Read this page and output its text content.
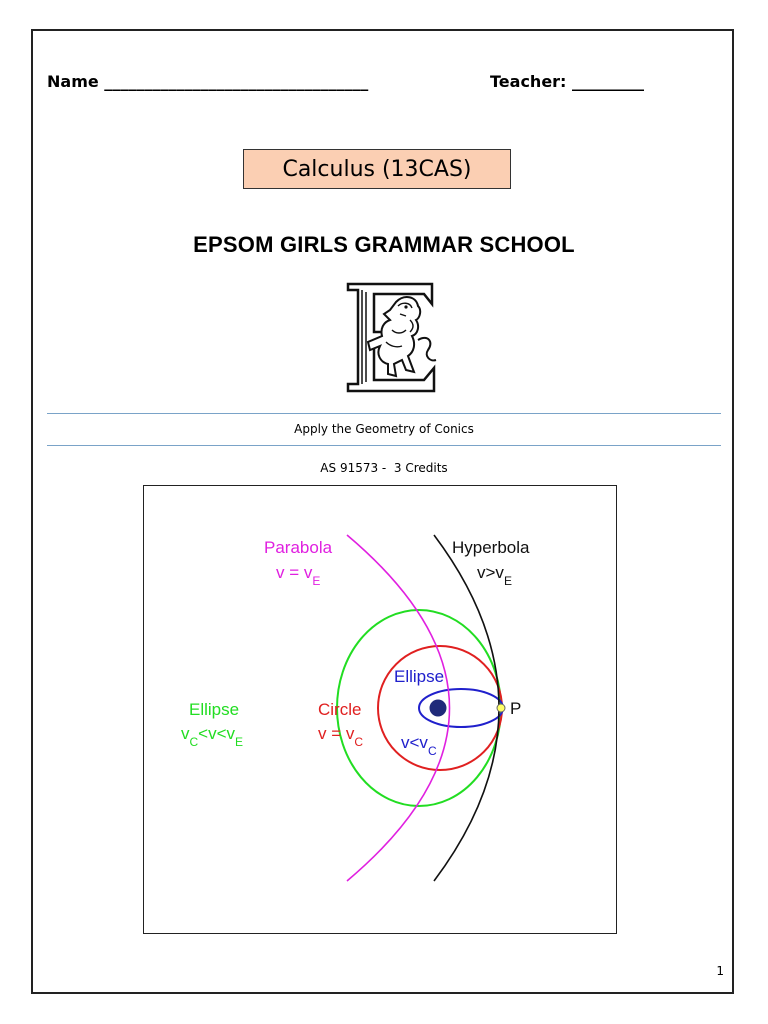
Name _________________________________	Teacher: _________
Calculus (13CAS)
EPSOM GIRLS GRAMMAR SCHOOL
Apply the Geometry of Conics
AS 91573 -  3 Credits
Parabola
$v = v_E$
Hyperbola
$v>v_E$
Ellipse
$v_C<v<v_E$
Circle
$v = v_C$
Ellipse
$v<v_C$
P
1
